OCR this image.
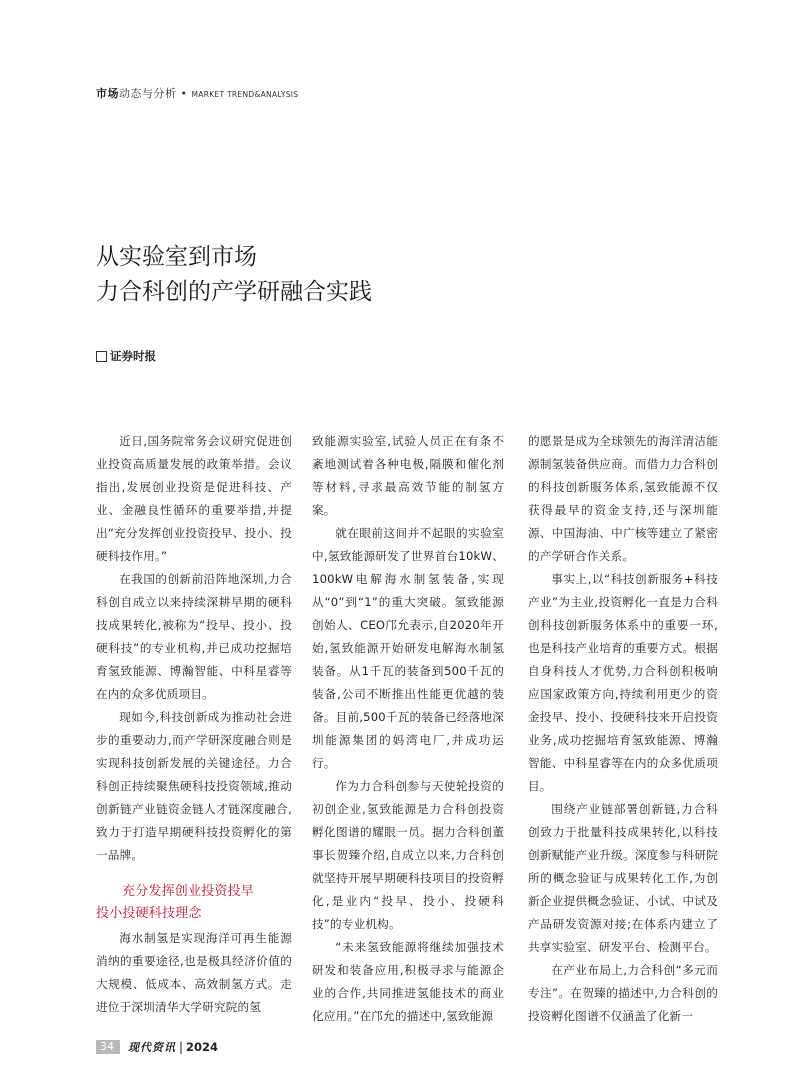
市场动态与分析 • MARKET TREND&ANALYSIS
从实验室到市场
力合科创的产学研融合实践
证券时报

近日,国务院常务会议研究促进创业投资高质量发展的政策举措。会议指出,发展创业投资是促进科技、产业、金融良性循环的重要举措,并提出“充分发挥创业投资投早、投小、投硬科技作用。”

在我国的创新前沿阵地深圳,力合科创自成立以来持续深耕早期的硬科技成果转化,被称为“投早、投小、投硬科技”的专业机构,并已成功挖掘培育氢致能源、博瀚智能、中科星睿等在内的众多优质项目。

现如今,科技创新成为推动社会进步的重要动力,而产学研深度融合则是实现科技创新发展的关键途径。力合科创正持续聚焦硬科技投资领域,推动创新链产业链资金链人才链深度融合,致力于打造早期硬科技投资孵化的第一品牌。

充分发挥创业投资投早
投小投硬科技理念

海水制氢是实现海洋可再生能源消纳的重要途径,也是极具经济价值的大规模、低成本、高效制氢方式。走进位于深圳清华大学研究院的氢

致能源实验室,试验人员正在有条不紊地测试着各种电极,隔膜和催化剂等材料,寻求最高效节能的制氢方案。

就在眼前这间并不起眼的实验室中,氢致能源研发了世界首台10kW、100kW电解海水制氢装备,实现从“0”到“1”的重大突破。氢致能源创始人、CEO邝允表示,自2020年开始,氢致能源开始研发电解海水制氢装备。从1千瓦的装备到500千瓦的装备,公司不断推出性能更优越的装备。目前,500千瓦的装备已经落地深圳能源集团的妈湾电厂,并成功运行。

作为力合科创参与天使轮投资的初创企业,氢致能源是力合科创投资孵化图谱的耀眼一员。据力合科创董事长贺臻介绍,自成立以来,力合科创就坚持开展早期硬科技项目的投资孵化,是业内“投早、投小、投硬科技”的专业机构。

“未来氢致能源将继续加强技术研发和装备应用,积极寻求与能源企业的合作,共同推进氢能技术的商业化应用。”在邝允的描述中,氢致能源

的愿景是成为全球领先的海洋清洁能源制氢装备供应商。而借力力合科创的科技创新服务体系,氢致能源不仅获得最早的资金支持,还与深圳能源、中国海油、中广核等建立了紧密的产学研合作关系。

事实上,以“科技创新服务+科技产业”为主业,投资孵化一直是力合科创科技创新服务体系中的重要一环,也是科技产业培育的重要方式。根据自身科技人才优势,力合科创积极响应国家政策方向,持续利用更少的资金投早、投小、投硬科技来开启投资业务,成功挖掘培育氢致能源、博瀚智能、中科星睿等在内的众多优质项目。

围绕产业链部署创新链,力合科创致力于批量科技成果转化,以科技创新赋能产业升级。深度参与科研院所的概念验证与成果转化工作,为创新企业提供概念验证、小试、中试及产品研发资源对接;在体系内建立了共享实验室、研发平台、检测平台。

在产业布局上,力合科创“多元而专注”。在贺臻的描述中,力合科创的投资孵化图谱不仅涵盖了化新一

34	现代资讯 | 2024
